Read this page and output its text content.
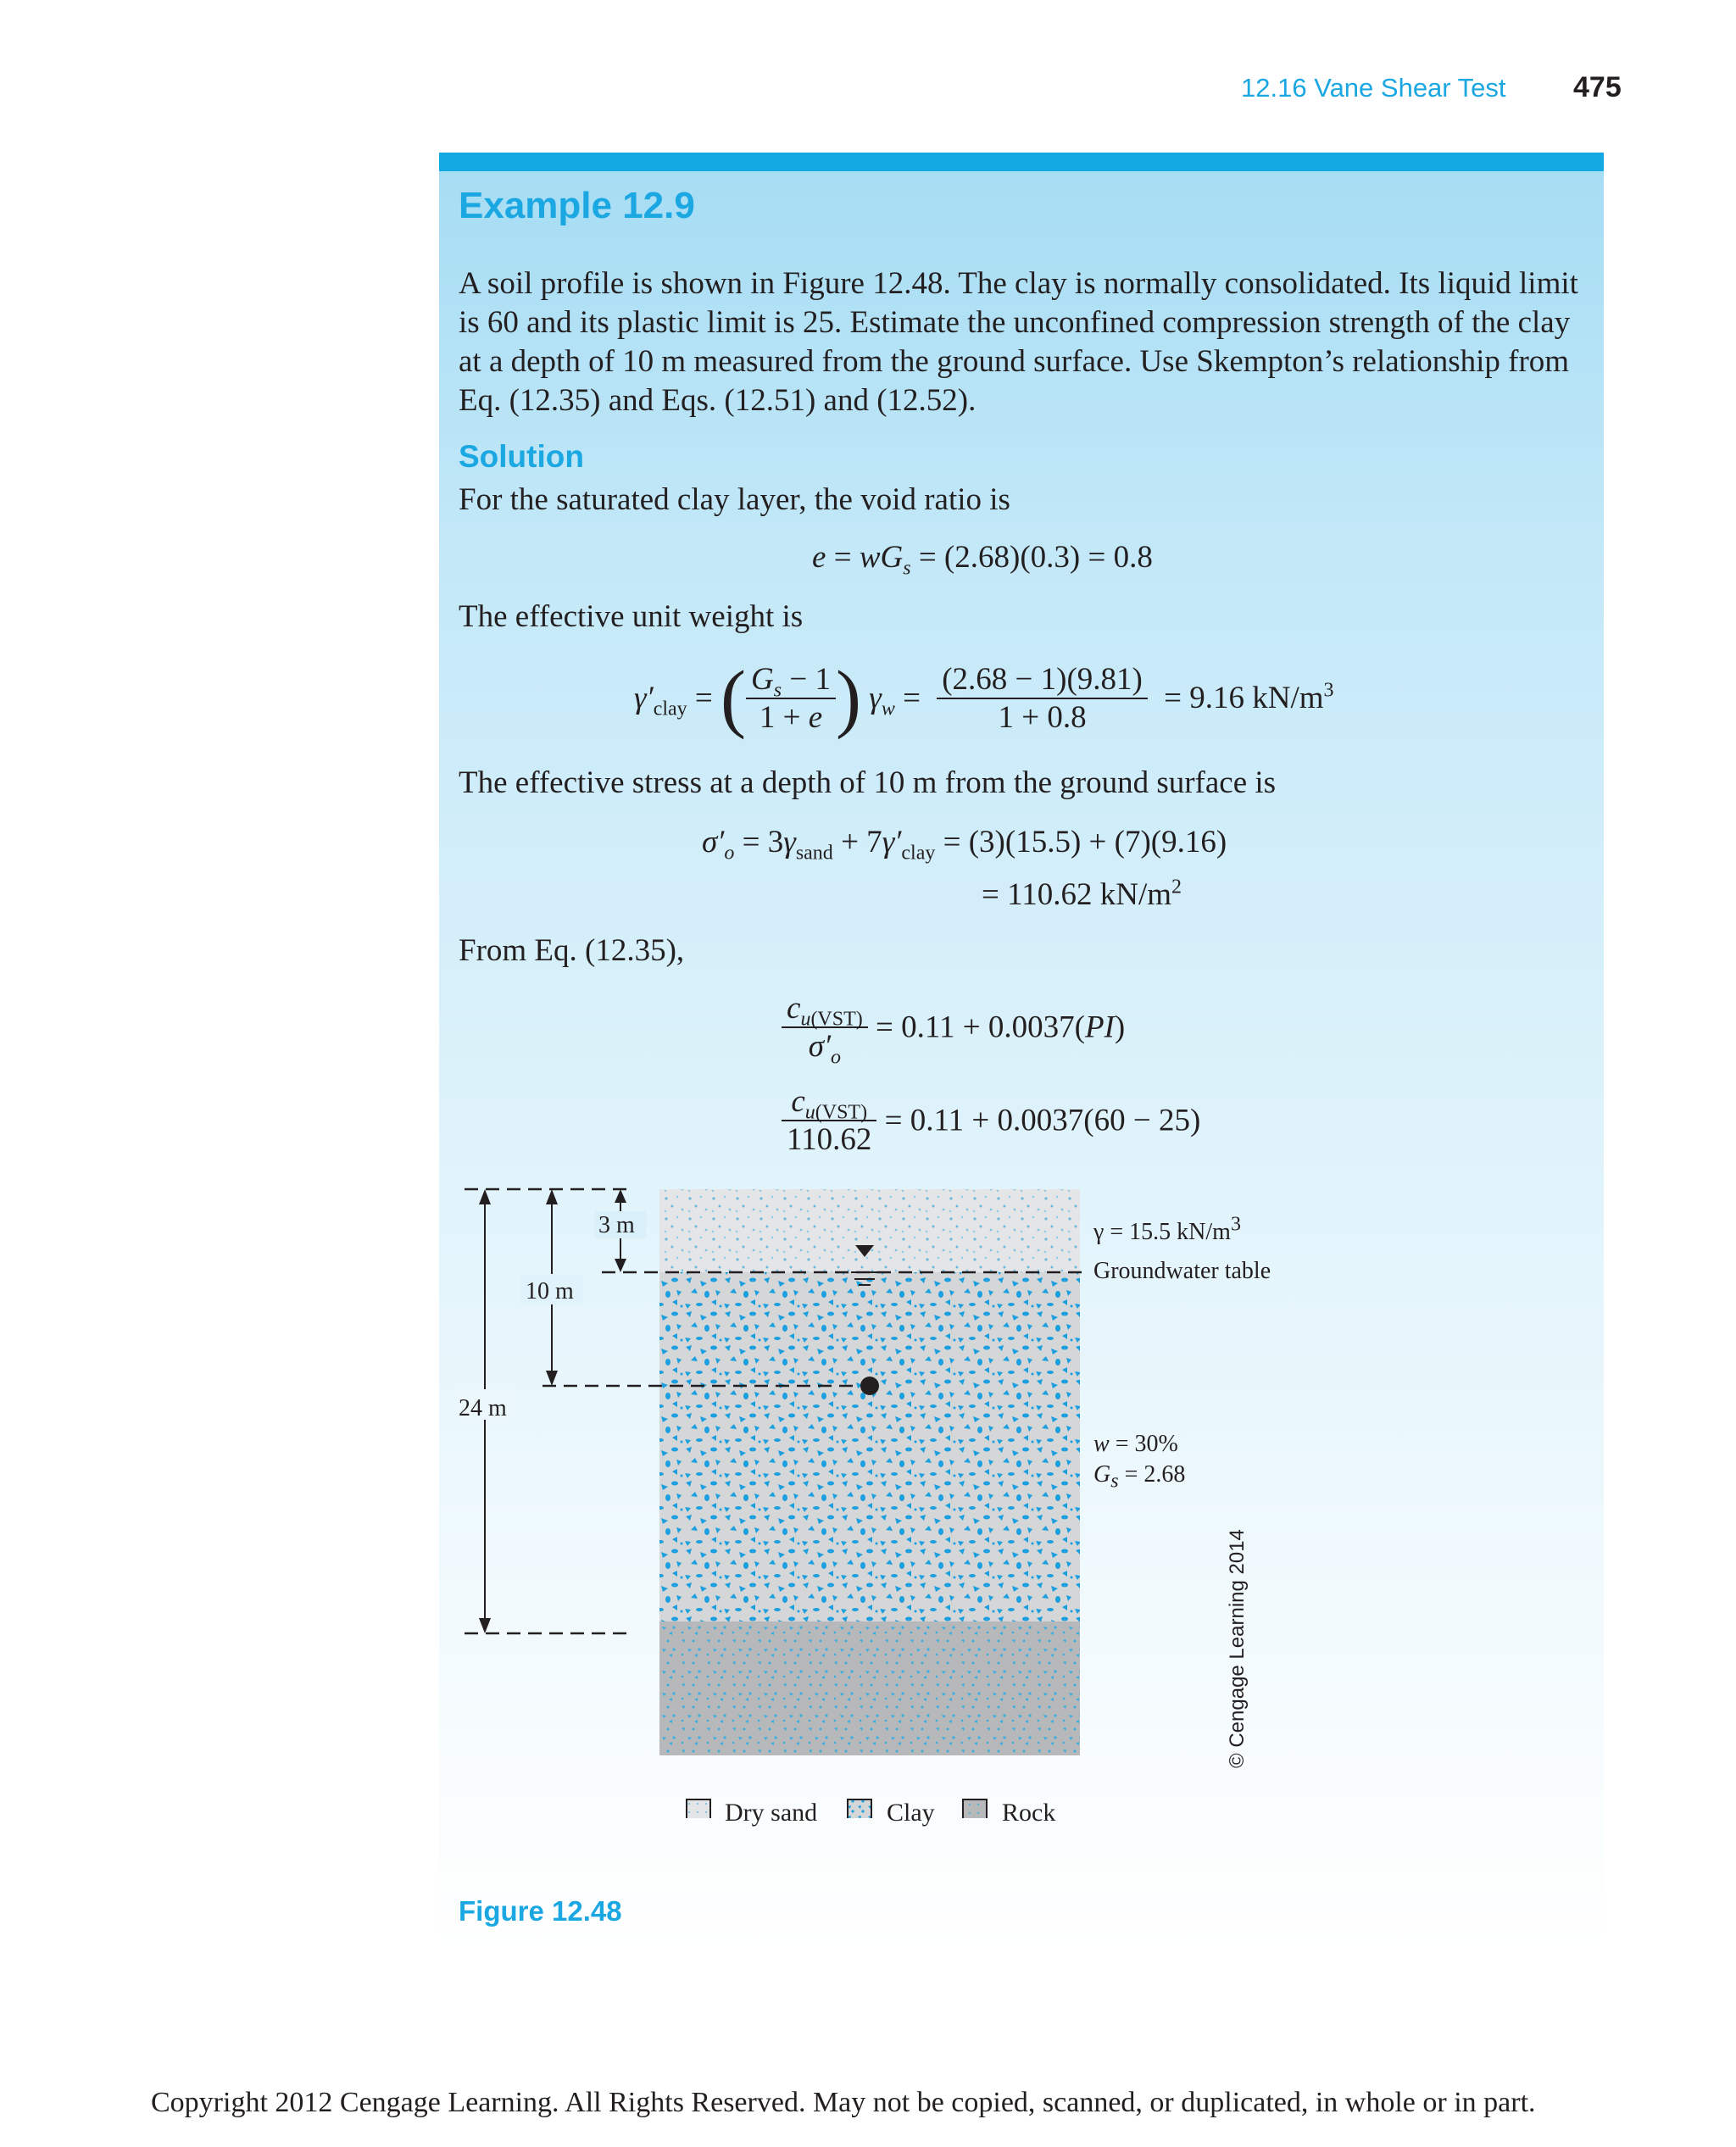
12.16 Vane Shear Test 475
Example 12.9
A soil profile is shown in Figure 12.48. The clay is normally consolidated. Its liquid limit is 60 and its plastic limit is 25. Estimate the unconfined compression strength of the clay at a depth of 10 m measured from the ground surface. Use Skempton’s relationship from Eq. (12.35) and Eqs. (12.51) and (12.52).
Solution
For the saturated clay layer, the void ratio is
$e = wG_s = (2.68)(0.3) = 0.8$
The effective unit weight is
$\gamma'_{clay}$ = ( $\frac{G_s - 1}{1 + e}$ ) $\gamma_w = \frac{(2.68 - 1)(9.81)}{1 + 0.8} = 9.16$ $kN/m^3$
The effective stress at a depth of 10 m from the ground surface is
$\sigma'_o = 3\gamma_{sand} + 7\gamma'_{clay} = (3)(15.5) + (7)(9.16)$
= 110.62 $kN/m^2$
From Eq. (12.35),
$\frac{c_{u(VST)}}{\sigma'_o} = 0.11 + 0.0037(PI)$
$\frac{c_{u(VST)}}{110.62} = 0.11 + 0.0037(60 - 25)$
3 m
10 m
24 m
γ = 15.5 $kN/m^3$
Groundwater table
w = 30%
$G_s = 2.68$
Dry sand	Clay	Rock
© Cengage Learning 2014
Figure 12.48
Copyright 2012 Cengage Learning. All Rights Reserved. May not be copied, scanned, or duplicated, in whole or in part.
